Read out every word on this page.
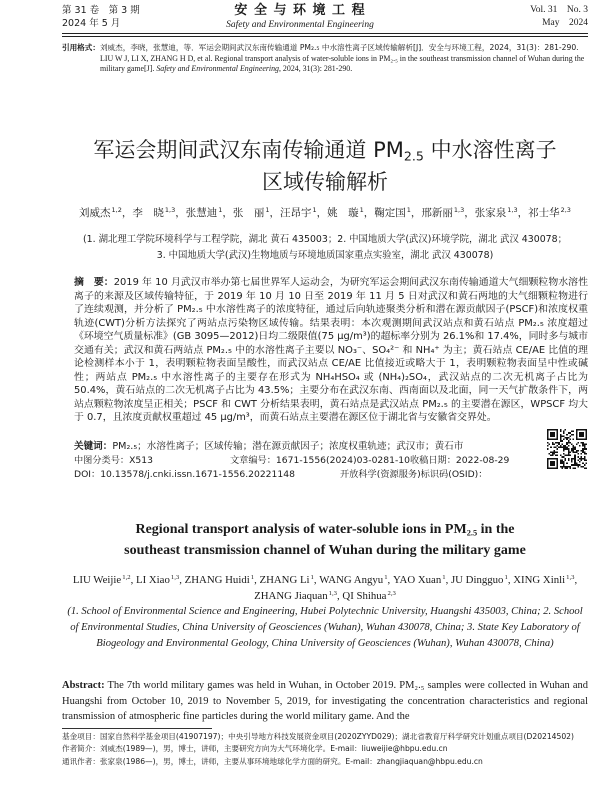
第 31 卷　第 3 期
2024 年 5 月
安 全 与 环 境 工 程
Safety and Environmental Engineering
Vol. 31　No. 3
May　2024
引用格式：刘威杰，李晓，张慧迪，等．军运会期间武汉东南传输通道 PM₂.₅ 中水溶性离子区域传输解析[J]．安全与环境工程，2024，31(3)：281-290.
LIU W J, LI X, ZHANG H D, et al. Regional transport analysis of water-soluble ions in PM₂.₅ in the southeast transmission channel of Wuhan during the military game[J]. Safety and Environmental Engineering, 2024, 31(3): 281-290.
军运会期间武汉东南传输通道 $PM_{2.5}$ 中水溶性离子
区域传输解析
刘威杰$^{1,2}$，李　晓$^{1,3}$，张慧迪$^1$，张　丽$^1$，汪昂宇$^1$，姚　璇$^1$，鞠定国$^1$，邢新丽$^{1,3}$，张家泉$^{1,3}$，祁士华$^{2,3}$
(1. 湖北理工学院环境科学与工程学院，湖北 黄石 435003；2. 中国地质大学(武汉)环境学院，湖北 武汉 430078；3. 中国地质大学(武汉)生物地质与环境地质国家重点实验室，湖北 武汉 430078)
摘　要：2019 年 10 月武汉市举办第七届世界军人运动会，为研究军运会期间武汉东南传输通道大气细颗粒物水溶性离子的来源及区域传输特征，于 2019 年 10 月 10 日至 2019 年 11 月 5 日对武汉和黄石两地的大气细颗粒物进行了连续观测，并分析了 PM₂.₅ 中水溶性离子的浓度特征，通过后向轨迹聚类分析和潜在源贡献因子(PSCF)和浓度权重轨迹(CWT)分析方法探究了两站点污染物区域传输。结果表明：本次观测期间武汉站点和黄石站点 PM₂.₅ 浓度超过《环境空气质量标准》(GB 3095—2012)日均二级限值(75 μg/m³)的超标率分别为 26.1%和 17.4%，同时多与城市交通有关；武汉和黄石两站点 PM₂.₅ 中的水溶性离子主要以 NO₃⁻、SO₄²⁻ 和 NH₄⁺ 为主；黄石站点 CE/AE 比值的理论检测样本小于 1，表明颗粒物表面呈酸性，而武汉站点 CE/AE 比值接近或略大于 1，表明颗粒物表面呈中性或碱性；两站点 PM₂.₅ 中水溶性离子的主要存在形式为 NH₄HSO₄ 或 (NH₄)₂SO₄，武汉站点的二次无机离子占比为 50.4%，黄石站点的二次无机离子占比为 43.5%；主要分布在武汉东南、西南面以及北面，同一天气扩散条件下，两站点颗粒物浓度呈正相关；PSCF 和 CWT 分析结果表明，黄石站点是武汉站点 PM₂.₅ 的主要潜在源区，WPSCF 均大于 0.7，且浓度贡献权重超过 45 μg/m³，而黄石站点主要潜在源区位于湖北省与安徽省交界处。
关键词：PM₂.₅；水溶性离子；区域传输；潜在源贡献因子；浓度权重轨迹；武汉市；黄石市
中图分类号：X513	文章编号：1671-1556(2024)03-0281-10 收稿日期：2022-08-29
DOI：10.13578/j.cnki.issn.1671-1556.20221148	开放科学(资源服务)标识码(OSID)：
Regional transport analysis of water-soluble ions in $PM_{2.5}$ in the
southeast transmission channel of Wuhan during the military game
LIU Weijie$^{1,2}$, LI Xiao$^{1,3}$, ZHANG Huidi$^1$, ZHANG Li$^1$, WANG Angyu$^1$, YAO Xuan$^1$, JU Dingguo$^1$, XING Xinli$^{1,3}$, ZHANG Jiaquan$^{1,3}$, QI Shihua$^{2,3}$
(1. School of Environmental Science and Engineering, Hubei Polytechnic University, Huangshi 435003, China; 2. School of Environmental Studies, China University of Geosciences (Wuhan), Wuhan 430078, China; 3. State Key Laboratory of Biogeology and Environmental Geology, China University of Geosciences (Wuhan), Wuhan 430078, China)
Abstract: The 7th world military games was held in Wuhan, in October 2019. PM₂.₅ samples were collected in Wuhan and Huangshi from October 10, 2019 to November 5, 2019, for investigating the concentration characteristics and regional transmission of atmospheric fine particles during the world military game. And the
基金项目：国家自然科学基金项目(41907197)；中央引导地方科技发展资金项目(2020ZYYD029)；湖北省教育厅科学研究计划重点项目(D20214502)
作者简介：刘威杰(1989—)，男，博士，讲师，主要研究方向为大气环境化学。E-mail：liuweijie@hbpu.edu.cn
通讯作者：张家泉(1986—)，男，博士，讲师，主要从事环境地球化学方面的研究。E-mail：zhangjiaquan@hbpu.edu.cn
